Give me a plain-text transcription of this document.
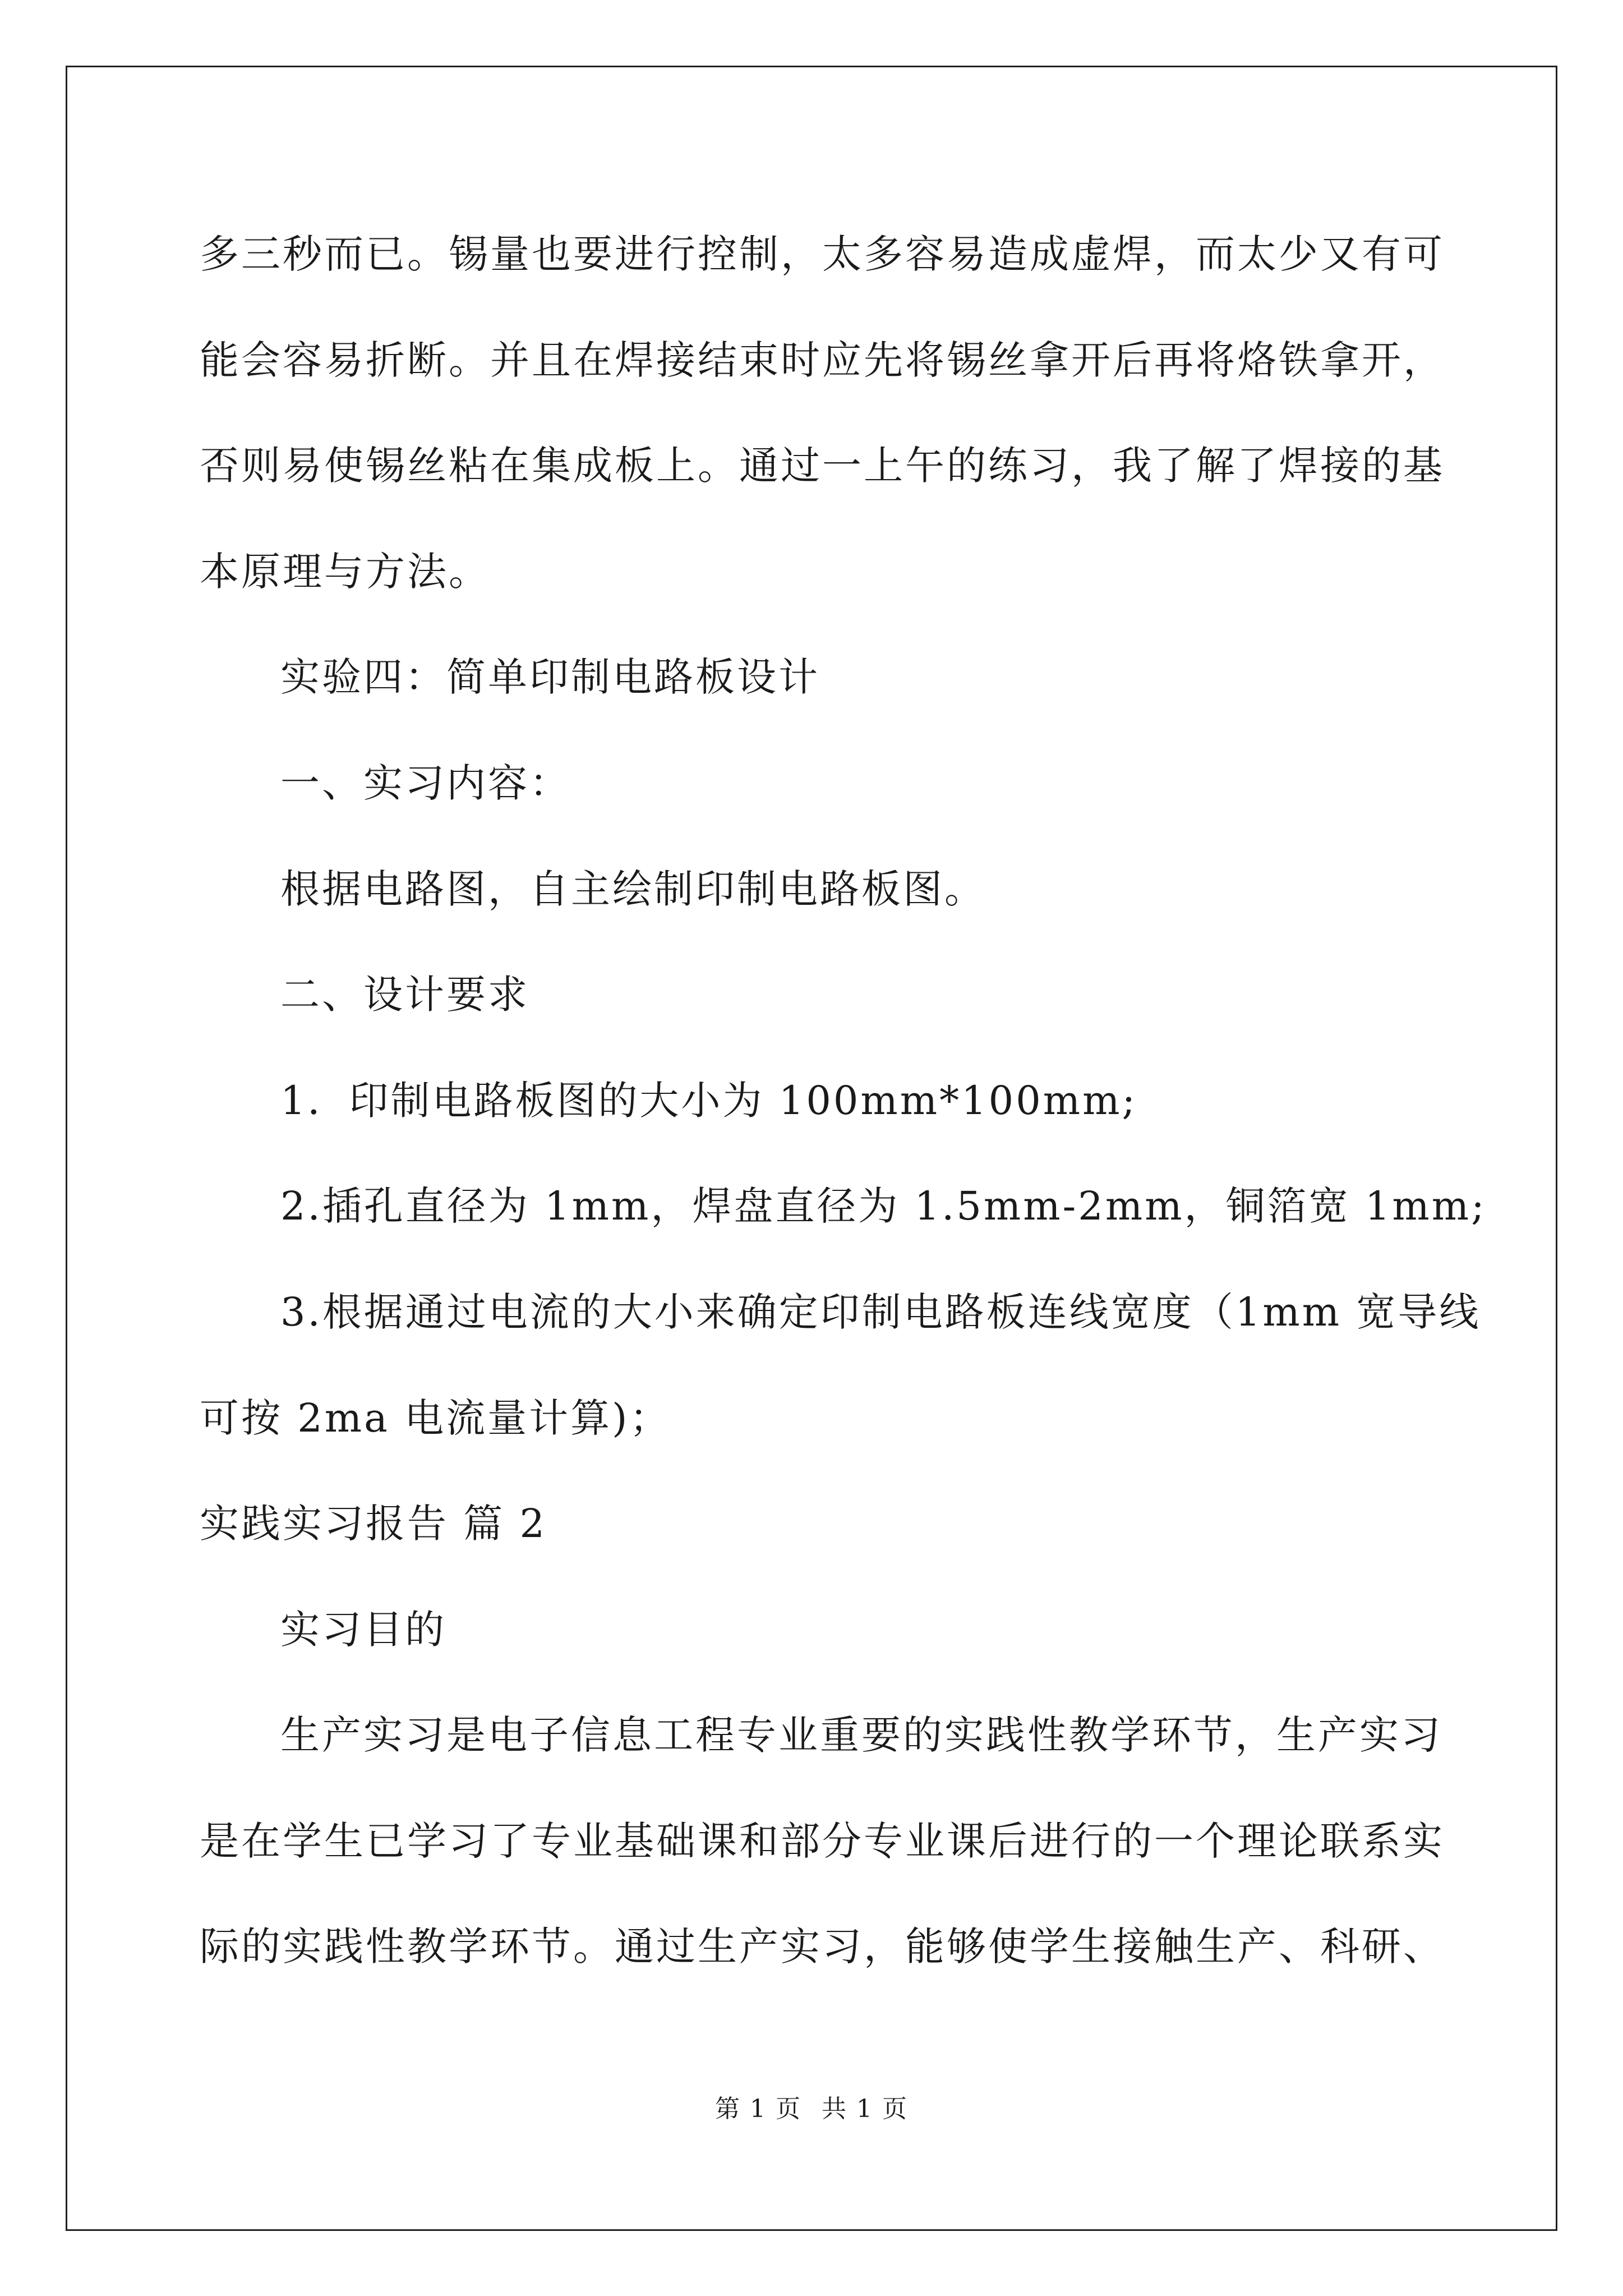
多三秒而已。锡量也要进行控制，太多容易造成虚焊，而太少又有可
能会容易折断。并且在焊接结束时应先将锡丝拿开后再将烙铁拿开，
否则易使锡丝粘在集成板上。通过一上午的练习，我了解了焊接的基
本原理与方法。
实验四：简单印制电路板设计
一、实习内容：
根据电路图，自主绘制印制电路板图。
二、设计要求
1．印制电路板图的大小为 100mm*100mm;
2.插孔直径为 1mm，焊盘直径为 1.5mm-2mm，铜箔宽 1mm;
3.根据通过电流的大小来确定印制电路板连线宽度（1mm 宽导线
可按 2ma 电流量计算)；
实践实习报告 篇 2
实习目的
生产实习是电子信息工程专业重要的实践性教学环节，生产实习
是在学生已学习了专业基础课和部分专业课后进行的一个理论联系实
际的实践性教学环节。通过生产实习，能够使学生接触生产、科研、
第 1 页 共 1 页
